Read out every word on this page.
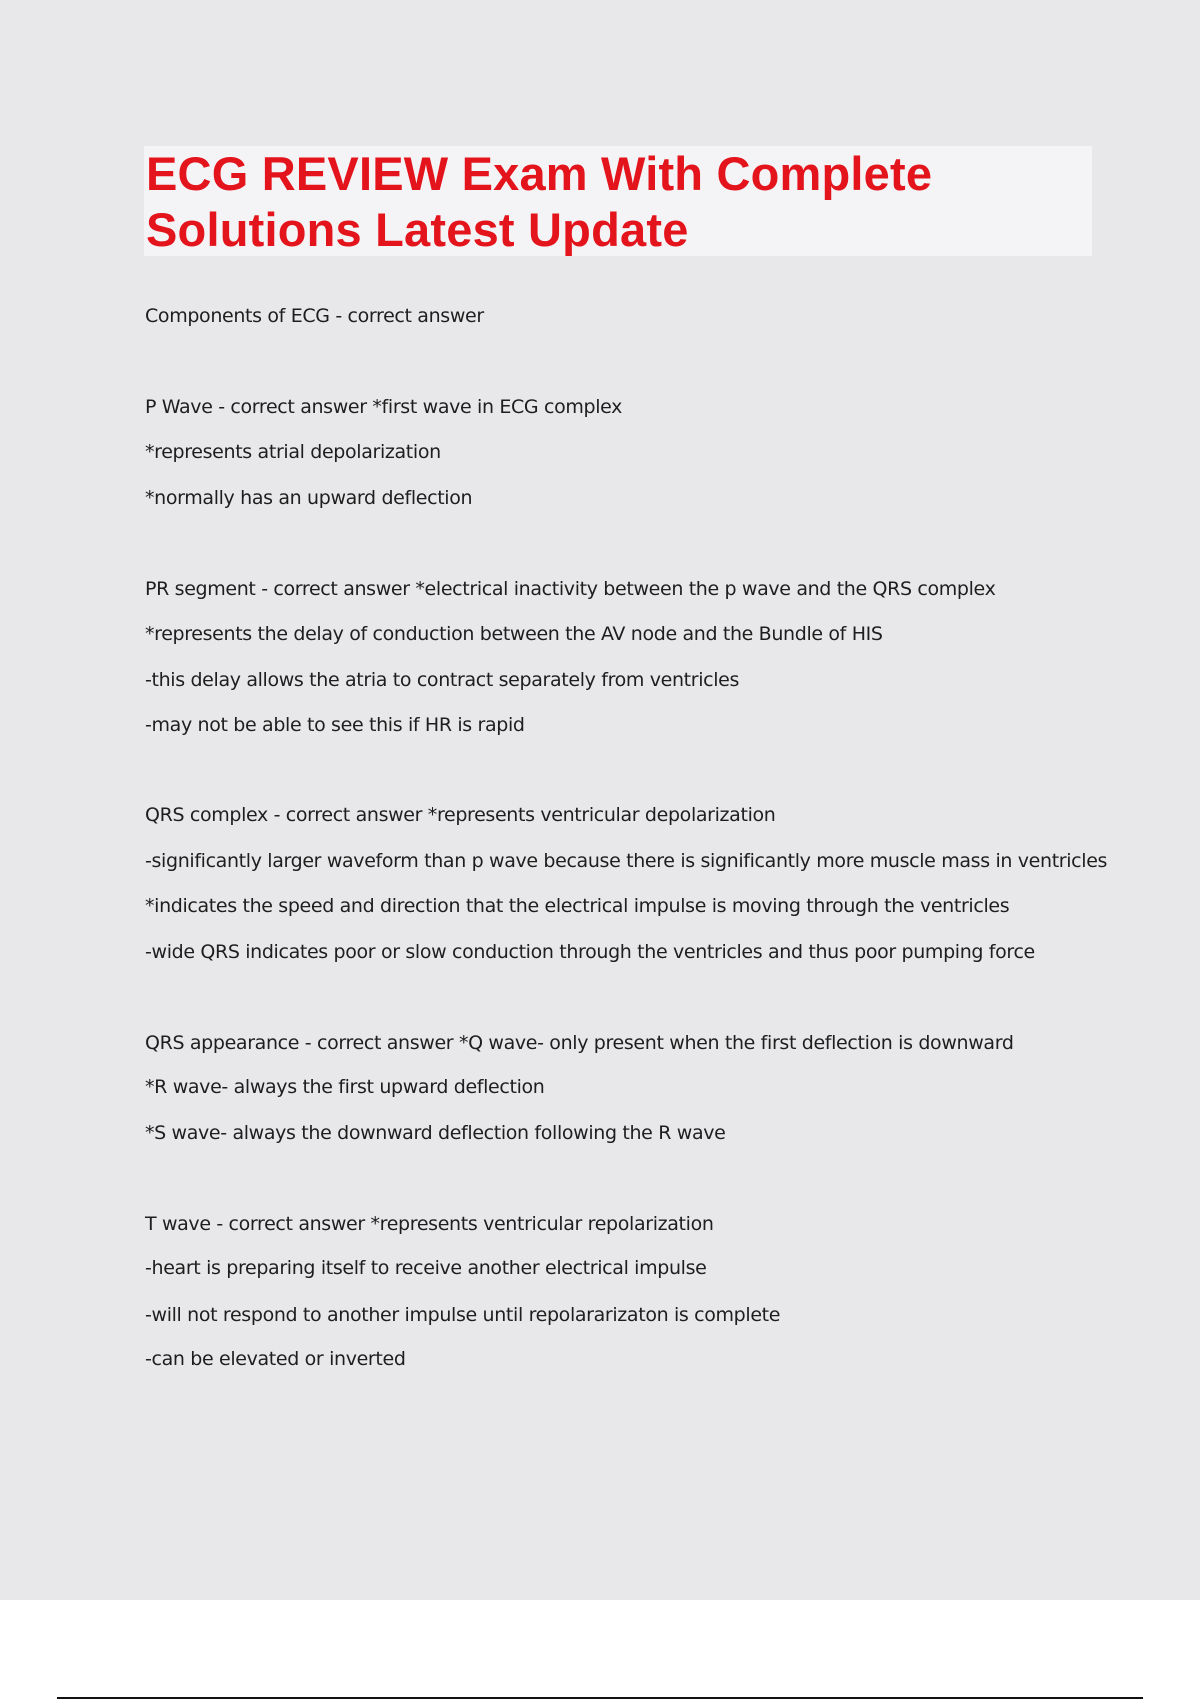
ECG REVIEW Exam With Complete
Solutions Latest Update
Components of ECG - correct answer
P Wave - correct answer *first wave in ECG complex
*represents atrial depolarization
*normally has an upward deflection
PR segment - correct answer *electrical inactivity between the p wave and the QRS complex
*represents the delay of conduction between the AV node and the Bundle of HIS
-this delay allows the atria to contract separately from ventricles
-may not be able to see this if HR is rapid
QRS complex - correct answer *represents ventricular depolarization
-significantly larger waveform than p wave because there is significantly more muscle mass in ventricles
*indicates the speed and direction that the electrical impulse is moving through the ventricles
-wide QRS indicates poor or slow conduction through the ventricles and thus poor pumping force
QRS appearance - correct answer *Q wave- only present when the first deflection is downward
*R wave- always the first upward deflection
*S wave- always the downward deflection following the R wave
T wave - correct answer *represents ventricular repolarization
-heart is preparing itself to receive another electrical impulse
-will not respond to another impulse until repolararizaton is complete
-can be elevated or inverted
